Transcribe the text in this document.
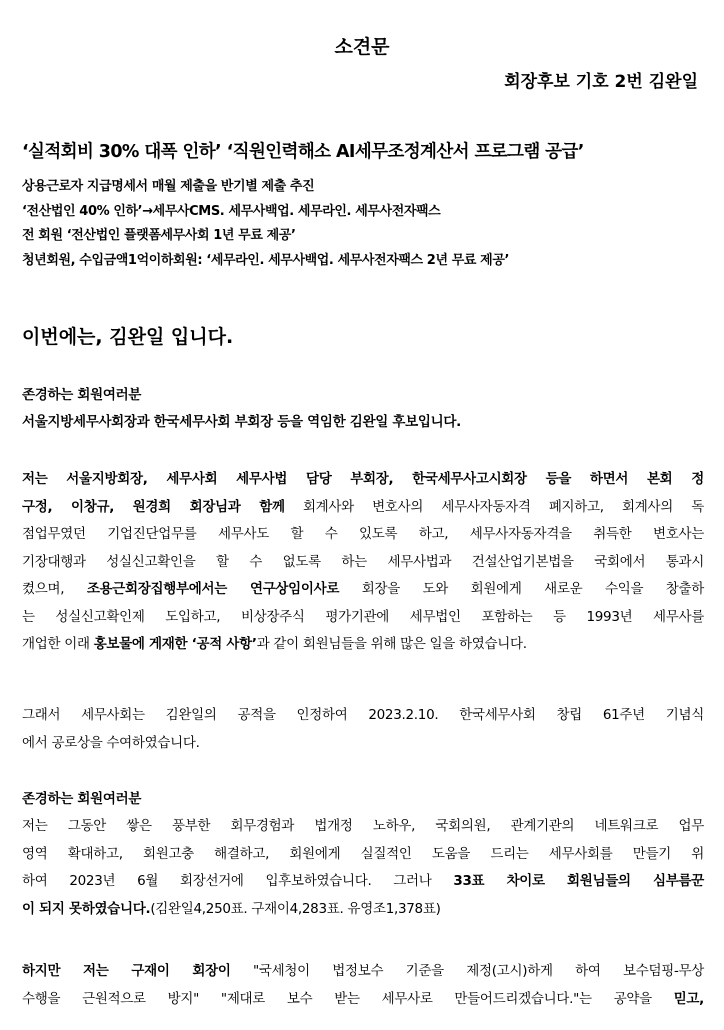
소견문
회장후보 기호 2번 김완일
‘실적회비 30% 대폭 인하’ ‘직원인력해소 AI세무조정계산서 프로그램 공급’
상용근로자 지급명세서 매월 제출을 반기별 제출 추진
‘전산법인 40% 인하’→세무사CMS. 세무사백업. 세무라인. 세무사전자팩스
전 회원 ‘전산법인 플랫폼세무사회 1년 무료 제공’
청년회원, 수입금액1억이하회원: ‘세무라인. 세무사백업. 세무사전자팩스 2년 무료 제공’
이번에는, 김완일 입니다.
존경하는 회원여러분
서울지방세무사회장과 한국세무사회 부회장 등을 역임한 김완일 후보입니다.

저는 서울지방회장, 세무사회 세무사법 담당 부회장, 한국세무사고시회장 등을 하면서 본회 정

구정, 이창규, 원경희 회장님과 함께 회계사와 변호사의 세무사자동자격 폐지하고, 회계사의 독

점업무였던 기업진단업무를 세무사도 할 수 있도록 하고, 세무사자동자격을 취득한 변호사는

기장대행과 성실신고확인을 할 수 없도록 하는 세무사법과 건설산업기본법을 국회에서 통과시

켰으며, 조용근회장집행부에서는 연구상임이사로 회장을 도와 회원에게 새로운 수익을 창출하

는 성실신고확인제 도입하고, 비상장주식 평가기관에 세무법인 포함하는 등 1993년 세무사를

개업한 이래 홍보물에 게재한 ‘공적 사항’과 같이 회원님들을 위해 많은 일을 하였습니다.

그래서 세무사회는 김완일의 공적을 인정하여 2023.2.10. 한국세무사회 창립 61주년 기념식

에서 공로상을 수여하였습니다.

존경하는 회원여러분

저는 그동안 쌓은 풍부한 회무경험과 법개정 노하우, 국회의원, 관계기관의 네트워크로 업무

영역 확대하고, 회원고충 해결하고, 회원에게 실질적인 도움을 드리는 세무사회를 만들기 위

하여 2023년 6월 회장선거에 입후보하였습니다. 그러나 33표 차이로 회원님들의 심부름꾼

이 되지 못하였습니다.(김완일4,250표. 구재이4,283표. 유영조1,378표)

하지만 저는 구재이 회장이 "국세청이 법정보수 기준을 제정(고시)하게 하여 보수덤핑-무상

수행을 근원적으로 방지" "제대로 보수 받는 세무사로 만들어드리겠습니다."는 공약을 믿고,
